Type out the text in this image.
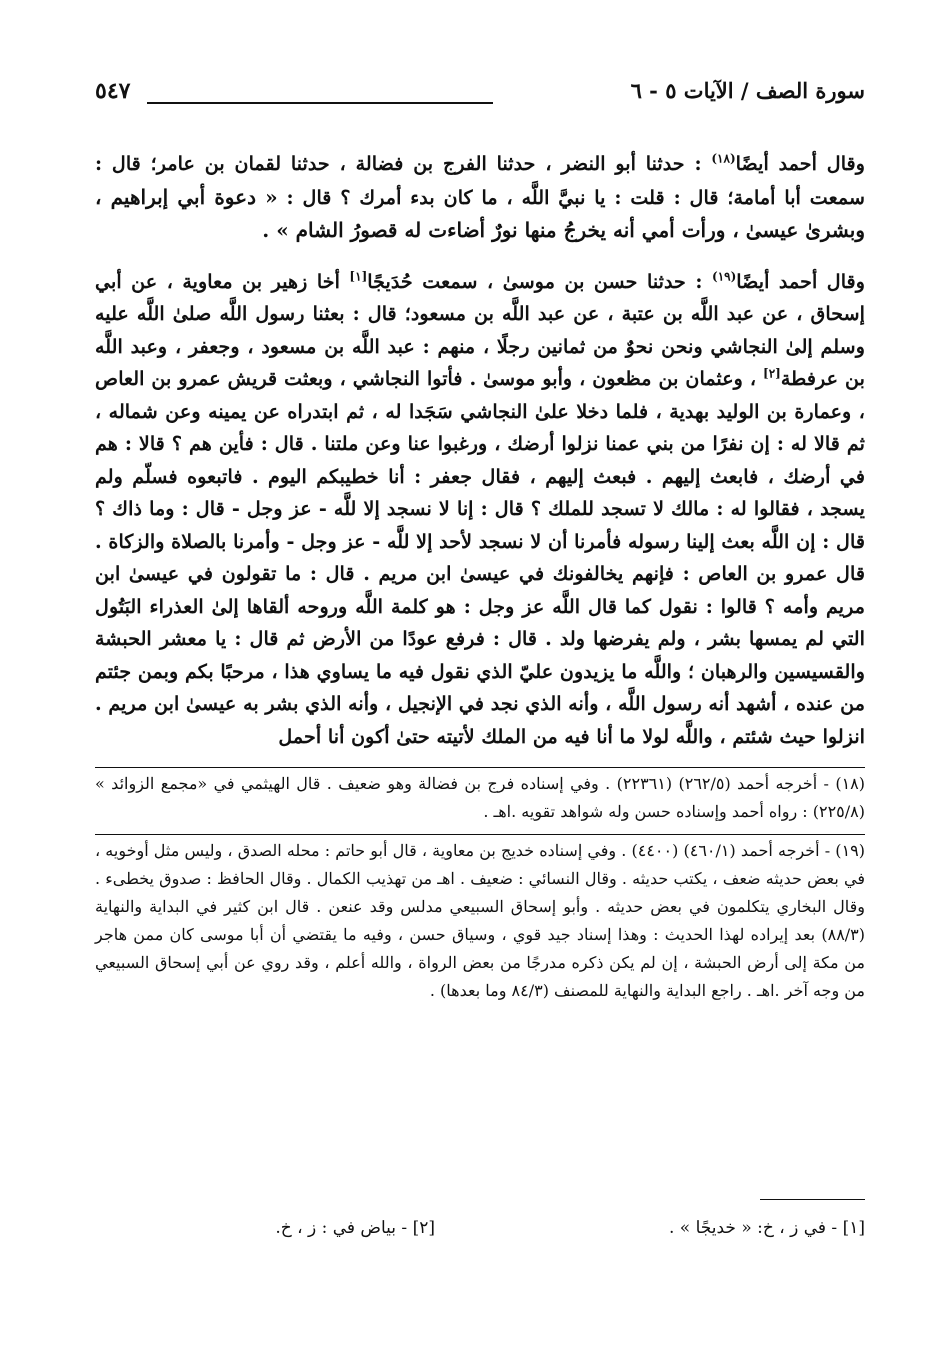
سورة الصف / الآيات ٥ - ٦
٥٤٧

وقال أحمد أيضًا$^{(١٨)}$ : حدثنا أبو النضر ، حدثنا الفرج بن فضالة ، حدثنا لقمان بن عامر؛ قال : سمعت أبا أمامة؛ قال : قلت : يا نبيَّ اللَّه ، ما كان بدء أمرك ؟ قال : « دعوة أبي إبراهيم ، وبشرىٰ عيسىٰ ، ورأت أمي أنه يخرجُ منها نورٌ أضاءت له قصورُ الشام » .

وقال أحمد أيضًا$^{(١٩)}$ : حدثنا حسن بن موسىٰ ، سمعت حُدَيجًا[١] أخا زهير بن معاوية ، عن أبي إسحاق ، عن عبد اللَّه بن عتبة ، عن عبد اللَّه بن مسعود؛ قال : بعثنا رسول اللَّه صلىٰ اللَّه عليه وسلم إلىٰ النجاشي ونحن نحوٌ من ثمانين رجلًا ، منهم : عبد اللَّه بن مسعود ، وجعفر ، وعبد اللَّه بن عرفطة[٢] ، وعثمان بن مظعون ، وأبو موسىٰ . فأتوا النجاشي ، وبعثت قريش عمرو بن العاص ، وعمارة بن الوليد بهدية ، فلما دخلا علىٰ النجاشي سَجَدا له ، ثم ابتدراه عن يمينه وعن شماله ، ثم قالا له : إن نفرًا من بني عمنا نزلوا أرضك ، ورغبوا عنا وعن ملتنا . قال : فأين هم ؟ قالا : هم في أرضك ، فابعث إليهم . فبعث إليهم ، فقال جعفر : أنا خطيبكم اليوم . فاتبعوه فسلّم ولم يسجد ، فقالوا له : مالك لا تسجد للملك ؟ قال : إنا لا نسجد إلا للَّه - عز وجل - قال : وما ذاك ؟ قال : إن اللَّه بعث إلينا رسوله فأمرنا أن لا نسجد لأحد إلا للَّه - عز وجل - وأمرنا بالصلاة والزكاة . قال عمرو بن العاص : فإنهم يخالفونك في عيسىٰ ابن مريم . قال : ما تقولون في عيسىٰ ابن مريم وأمه ؟ قالوا : نقول كما قال اللَّه عز وجل : هو كلمة اللَّه وروحه ألقاها إلىٰ العذراء البَتُول التي لم يمسها بشر ، ولم يفرضها ولد . قال : فرفع عودًا من الأرض ثم قال : يا معشر الحبشة والقسيسين والرهبان ؛ واللَّه ما يزيدون عليّ الذي نقول فيه ما يساوي هذا ، مرحبًا بكم وبمن جئتم من عنده ، أشهد أنه رسول اللَّه ، وأنه الذي نجد في الإنجيل ، وأنه الذي بشر به عيسىٰ ابن مريم . انزلوا حيث شئتم ، واللَّه لولا ما أنا فيه من الملك لأتيته حتىٰ أكون أنا أحمل

(١٨) - أخرجه أحمد (٢٦٢/٥) (٢٢٣٦١) . وفي إسناده فرج بن فضالة وهو ضعيف . قال الهيثمي في «مجمع الزوائد » (٢٢٥/٨) : رواه أحمد وإسناده حسن وله شواهد تقويه .اهـ .

(١٩) - أخرجه أحمد (٤٦٠/١) (٤٤٠٠) . وفي إسناده خديج بن معاوية ، قال أبو حاتم : محله الصدق ، وليس مثل أوخويه ، في بعض حديثه ضعف ، يكتب حديثه . وقال النسائي : ضعيف . اهـ من تهذيب الكمال . وقال الحافظ : صدوق يخطىء . وقال البخاري يتكلمون في بعض حديثه . وأبو إسحاق السبيعي مدلس وقد عنعن . قال ابن كثير في البداية والنهاية (٨٨/٣) بعد إيراده لهذا الحديث : وهذا إسناد جيد قوي ، وسياق حسن ، وفيه ما يقتضي أن أبا موسى كان ممن هاجر من مكة إلى أرض الحبشة ، إن لم يكن ذكره مدرجًا من بعض الرواة ، والله أعلم ، وقد روي عن أبي إسحاق السبيعي من وجه آخر .اهـ . راجع البداية والنهاية للمصنف (٨٤/٣ وما بعدها) .

[١] - في ز ، خ: « خديجًا » .
[٢] - بياض في : ز ، خ.
